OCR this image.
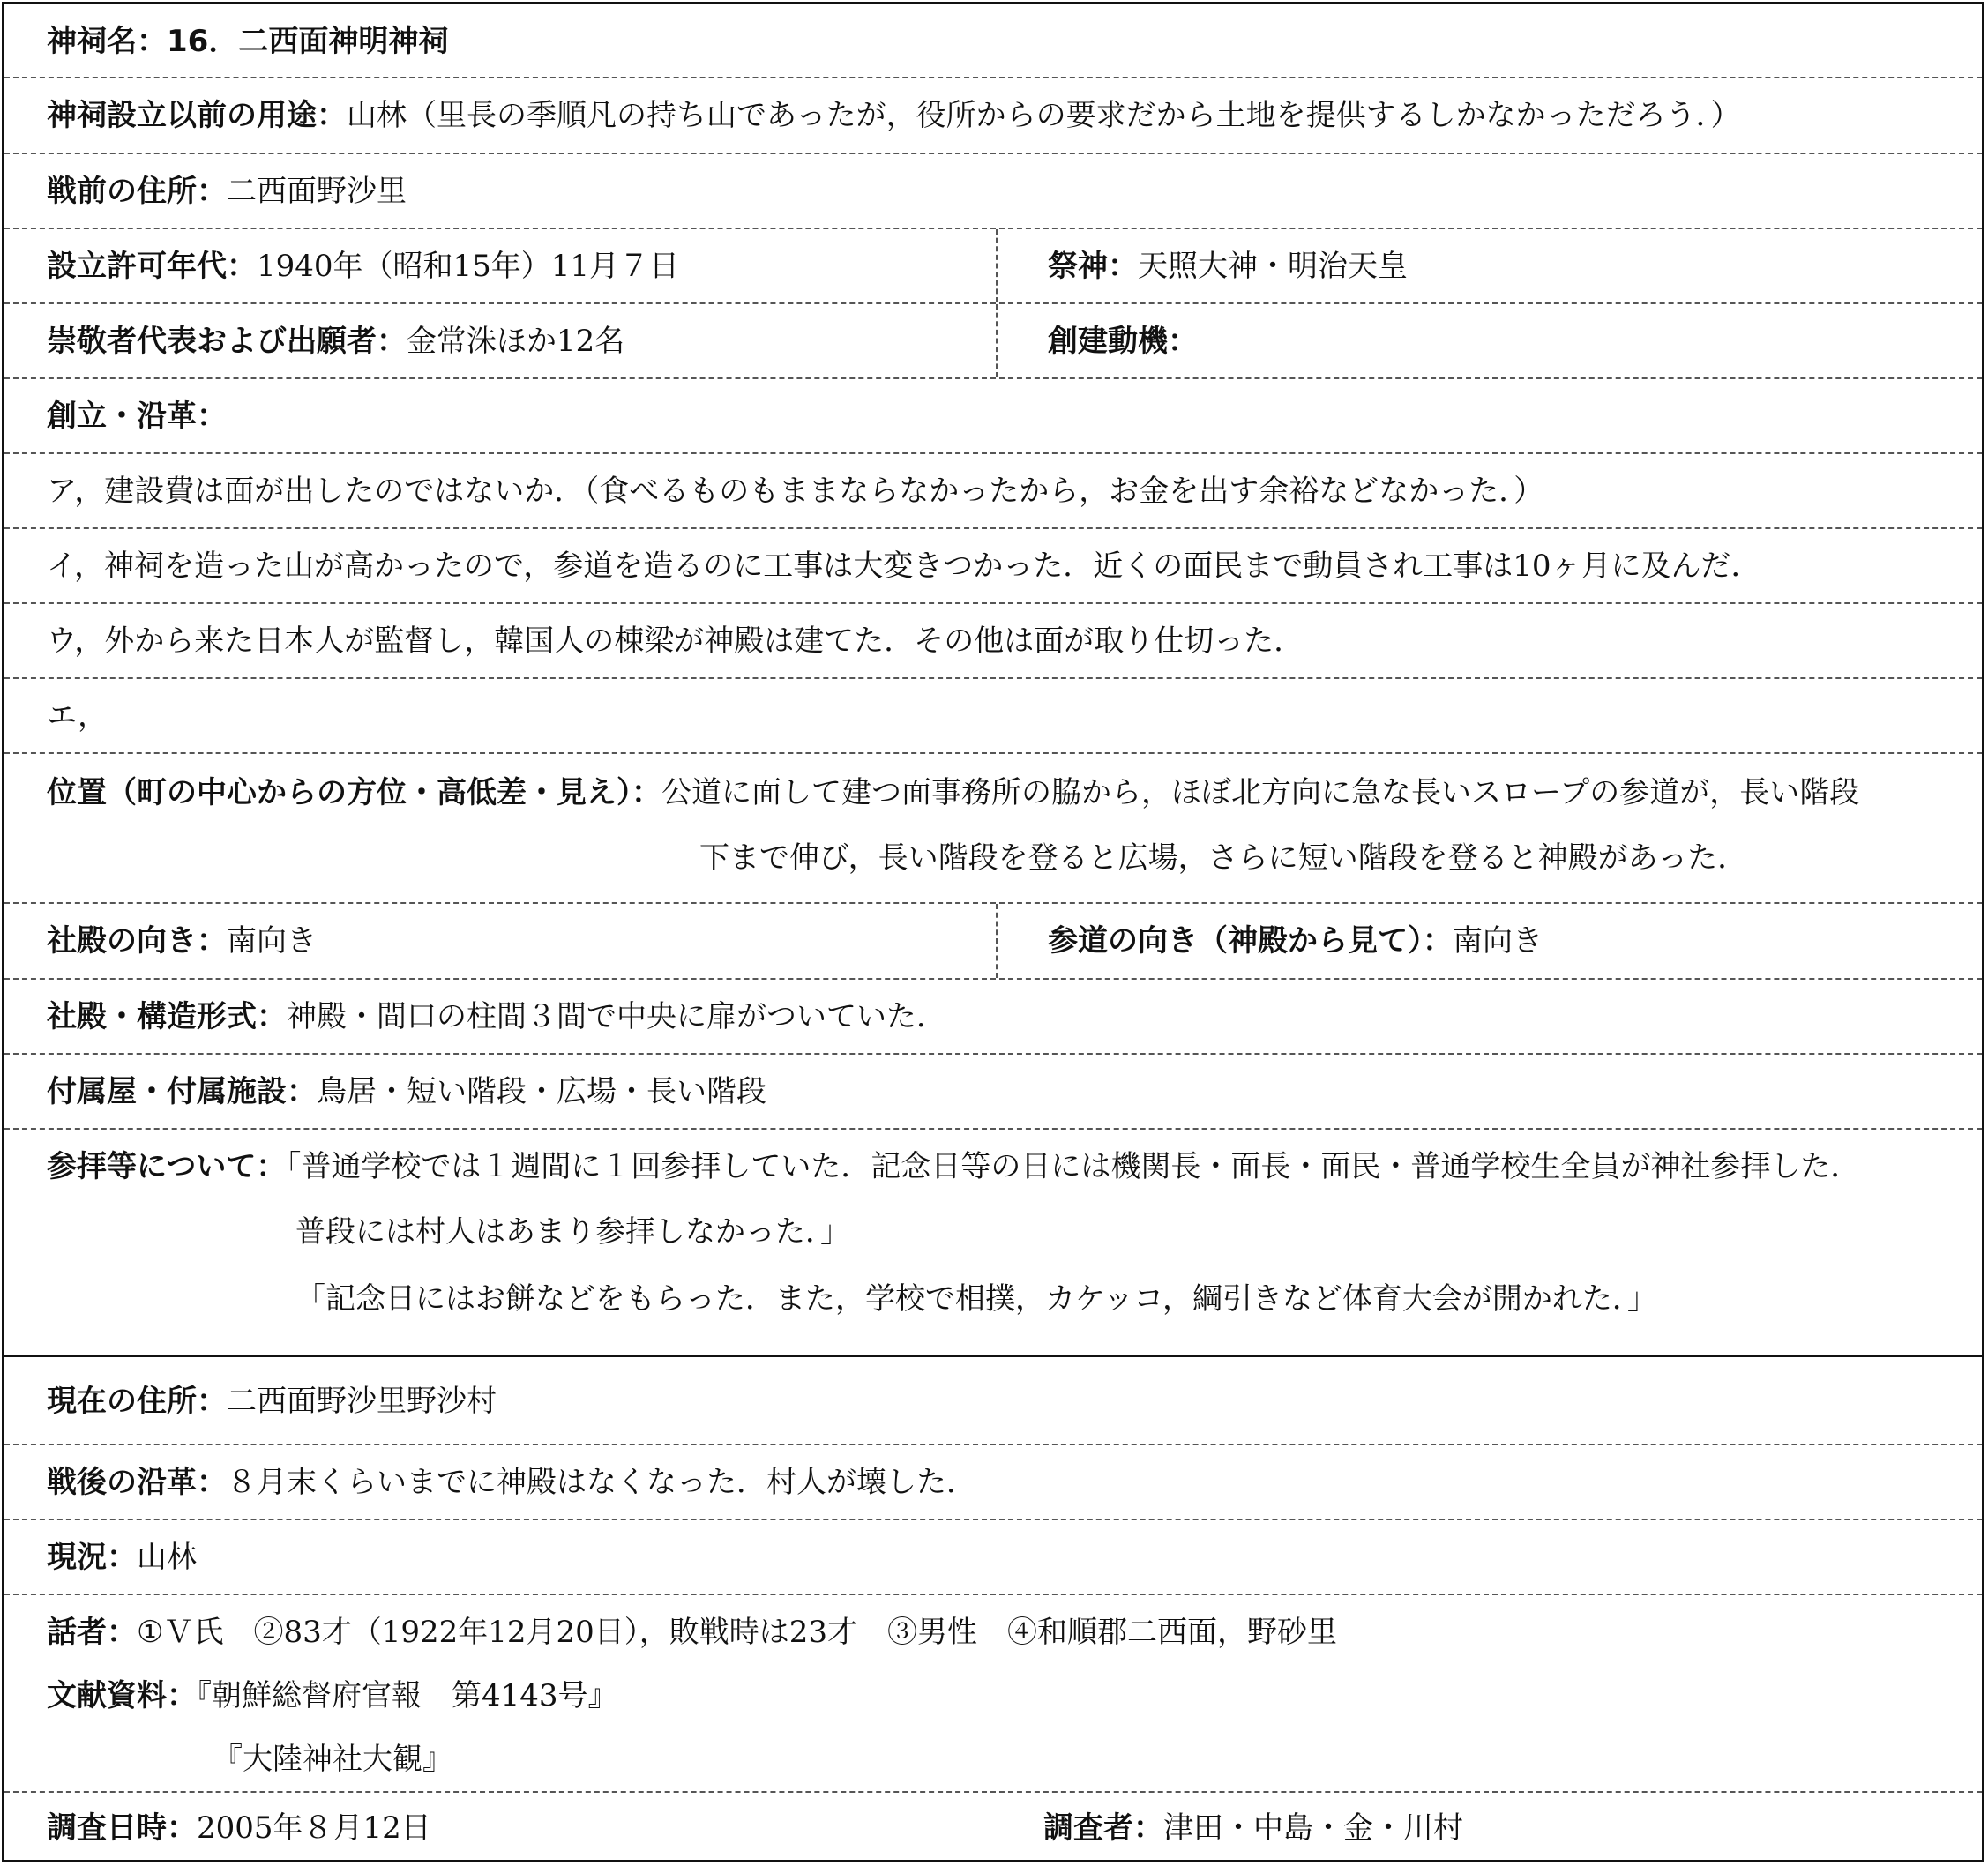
神祠名：16．二西面神明神祠
神祠設立以前の用途：山林（里長の季順凡の持ち山であったが，役所からの要求だから土地を提供するしかなかっただろう．）
戦前の住所：二西面野沙里
設立許可年代：1940年（昭和15年）11月７日	祭神：天照大神・明治天皇
崇敬者代表および出願者：金常洙ほか12名	創建動機：
創立・沿革：
ア，建設費は面が出したのではないか．（食べるものもままならなかったから，お金を出す余裕などなかった．）
イ，神祠を造った山が高かったので，参道を造るのに工事は大変きつかった．近くの面民まで動員され工事は10ヶ月に及んだ．
ウ，外から来た日本人が監督し，韓国人の棟梁が神殿は建てた．その他は面が取り仕切った．
エ，
位置（町の中心からの方位・高低差・見え）：公道に面して建つ面事務所の脇から，ほぼ北方向に急な長いスロープの参道が，長い階段
下まで伸び，長い階段を登ると広場，さらに短い階段を登ると神殿があった．
社殿の向き：南向き	参道の向き（神殿から見て）：南向き
社殿・構造形式：神殿・間口の柱間３間で中央に扉がついていた．
付属屋・付属施設：鳥居・短い階段・広場・長い階段
参拝等について：「普通学校では１週間に１回参拝していた．記念日等の日には機関長・面長・面民・普通学校生全員が神社参拝した．
普段には村人はあまり参拝しなかった．」
「記念日にはお餅などをもらった．また，学校で相撲，カケッコ，綱引きなど体育大会が開かれた．」
現在の住所：二西面野沙里野沙村
戦後の沿革：８月末くらいまでに神殿はなくなった．村人が壊した．
現況：山林
話者：①Ｖ氏　②83才（1922年12月20日），敗戦時は23才　③男性　④和順郡二西面，野砂里
文献資料：『朝鮮総督府官報　第4143号』
『大陸神社大観』
調査日時：2005年８月12日	調査者：津田・中島・金・川村
